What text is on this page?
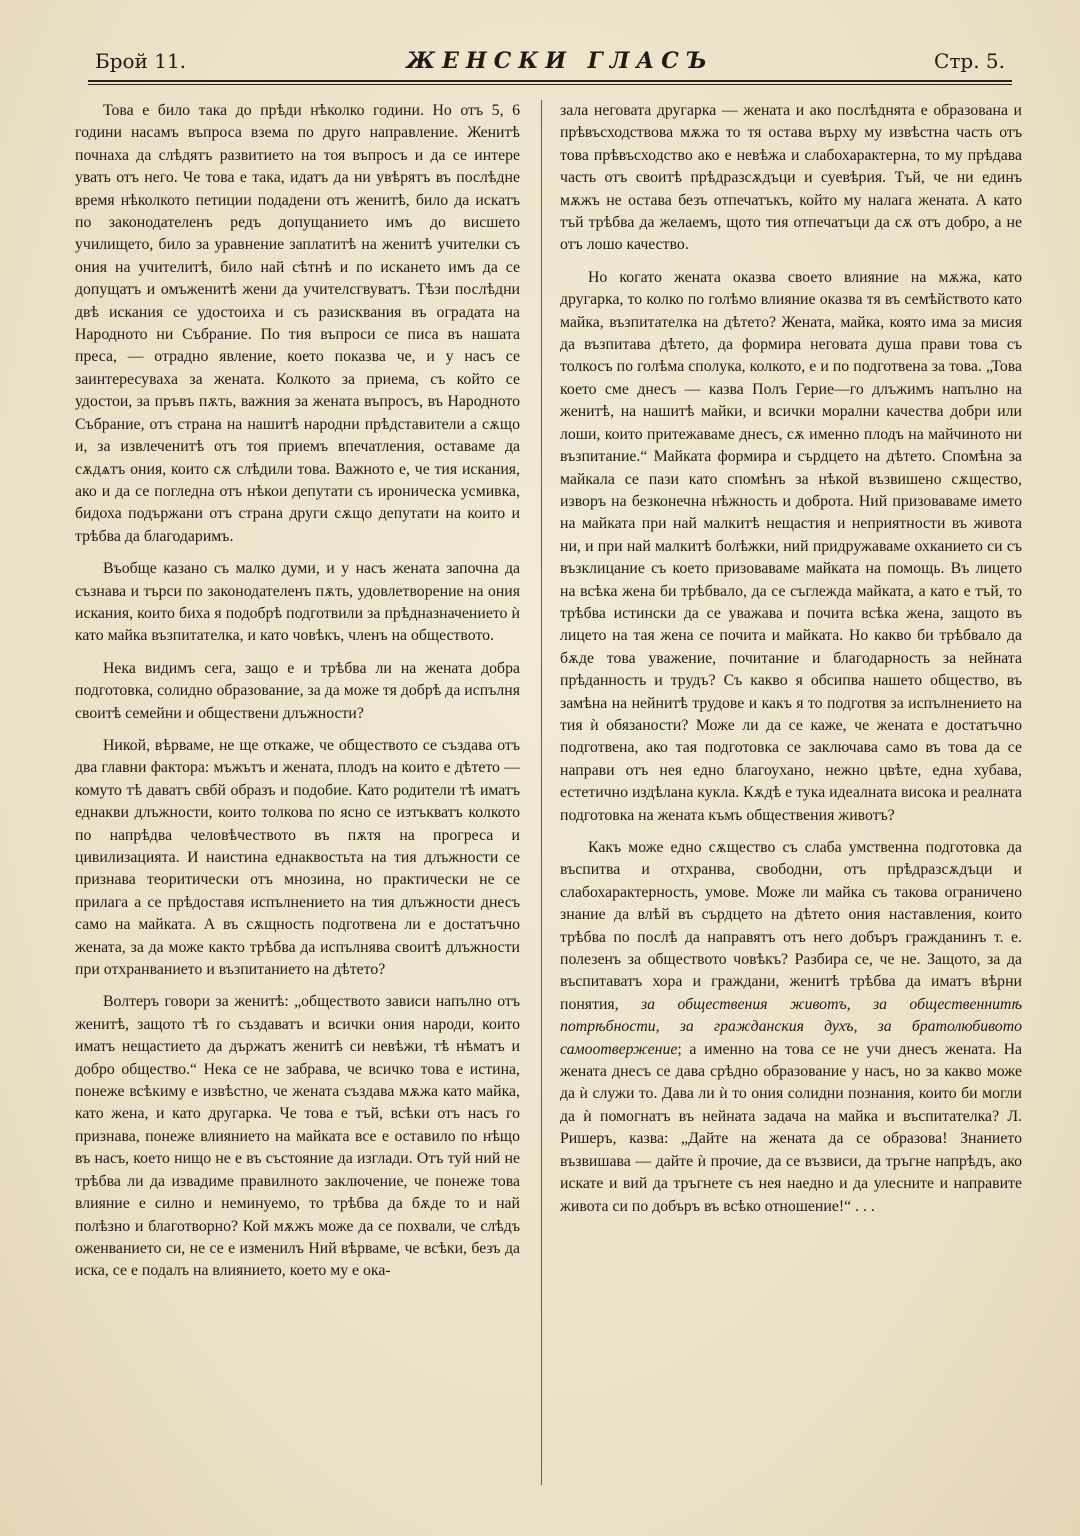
Брой 11.	ЖЕНСКИ ГЛАСЪ	Стр. 5.

Това е било така до прѣди нѣколко години. Но отъ 5, 6 години насамъ въпроса взема по друго направление. Женитѣ почнаха да слѣдятъ развитието на тоя въпросъ и да се интере увать отъ него. Че това е така, идатъ да ни увѣрятъ въ послѣдне время нѣколкото петиции подадени отъ женитѣ, било да искатъ по законодателенъ редъ допущанието имъ до висшето училището, било за уравнение заплатитѣ на женитѣ учителки съ ония на учителитѣ, било най сѣтнѣ и по искането имъ да се допущатъ и омъженитѣ жени да учителсгвуватъ. Тѣзи послѣдни двѣ искания се удостоиха и съ разисквания въ оградата на Народното ни Събрание. По тия въпроси се писа въ нашата преса, — отрадно явление, което показва че, и у насъ се заинтересуваха за жената. Колкото за приема, съ който се удостои, за пръвъ пѫть, важния за жената въпросъ, въ Народното Събрание, отъ страна на нашитѣ народни прѣдставители а сѫщо и, за извлеченитѣ отъ тоя приемъ впечатления, оставаме да сѫдѧтъ ония, които сѫ слѣдили това. Важното е, че тия искания, ако и да се погледна отъ нѣкои депутати съ ироническа усмивка, бидоха подържани отъ страна други сѫщо депутати на които и трѣбва да благодаримъ.

Въобще казано съ малко думи, и у насъ жената започна да съзнава и търси по законодателенъ пѫть, удовлетворение на ония искания, които биха я подобрѣ подготвили за прѣдназначението ѝ като майка възпитателка, и като човѣкъ, членъ на обществото.

Нека видимъ сега, защо е и трѣбва ли на жената добра подготовка, солидно образование, за да може тя добрѣ да испълня своитѣ семейни и обществени длъжности?

Никой, вѣрваме, не ще откаже, че обществото се създава отъ два главни фактора: мъжътъ и жената, плодъ на които е дѣтето — комуто тѣ даватъ свбй образъ и подобие. Като родители тѣ иматъ еднакви длъжности, които толкова по ясно се изтъкватъ колкото по напрѣдва человѣчеството въ пѫтя на прогреса и цивилизацията. И наистина еднаквостьта на тия длъжности се признава теоритически отъ мнозина, но практически не се прилага а се прѣдоставя испълнението на тия длъжности днесъ само на майката. А въ сѫщность подготвена ли е достатъчно жената, за да може както трѣбва да испълнява своитѣ длъжности при отхранванието и възпитанието на дѣтето?

Волтеръ говори за женитѣ: „обществото зависи напълно отъ женитѣ, защото тѣ го създаватъ и всички ония народи, които иматъ нещастието да държатъ женитѣ си невѣжи, тѣ нѣматъ и добро общество.“ Нека се не забрава, че всичко това е истина, понеже всѣкиму е извѣстно, че жената създава мѫжа като майка, като жена, и като другарка. Че това е тъй, всѣки отъ насъ го признава, понеже влиянието на майката все е оставило по нѣщо въ насъ, което нищо не е въ състояние да изглади. Отъ туй ний не трѣбва ли да извадиме правилното заключение, че понеже това влияние е силно и неминуемо, то трѣбва да бѫде то и най полѣзно и благотворно? Кой мѫжъ може да се похвали, че слѣдъ оженванието си, не се е изменилъ Ний вѣрваме, че всѣки, безъ да иска, се е подалъ на влиянието, което му е ока-

зала неговата другарка — жената и ако послѣднята е образована и прѣвъсходствова мѫжа то тя остава върху му извѣстна часть отъ това прѣвъсходство ако е невѣжа и слабохарактерна, то му прѣдава часть отъ своитѣ прѣдразсѫдъци и суевѣрия. Тъй, че ни единъ мѫжъ не остава безъ отпечатъкъ, който му налага жената. А като тъй трѣбва да желаемъ, щото тия отпечатъци да сѫ отъ добро, а не отъ лошо качество.

Но когато жената оказва своето влияние на мѫжа, като другарка, то колко по голѣмо влияние оказва тя въ семѣйството като майка, възпитателка на дѣтето? Жената, майка, която има за мисия да възпитава дѣтето, да формира неговата душа прави това съ толкосъ по голѣма сполука, колкото, е и по подготвена за това. „Това което сме днесъ — казва Полъ Герие—го длъжимъ напълно на женитѣ, на нашитѣ майки, и всички морални качества добри или лоши, които притежаваме днесъ, сѫ именно плодъ на майчиното ни възпитание.“ Майката формира и сърдцето на дѣтето. Спомѣна за майкала се пази като спомѣнъ за нѣкой възвишено сѫщество, изворъ на безконечна нѣжность и доброта. Ний призоваваме името на майката при най малкитѣ нещастия и неприятности въ живота ни, и при най малкитѣ болѣжки, ний придружаваме охканието си съ възклицание съ което призоваваме майката на помощь. Въ лицето на всѣка жена би трѣбвало, да се съглежда майката, а като е тъй, то трѣбва истински да се уважава и почита всѣка жена, защото въ лицето на тая жена се почита и майката. Но какво би трѣбвало да бѫде това уважение, почитание и благодарность за нейната прѣданность и трудъ? Съ какво я обсипва нашето общество, въ замѣна на нейнитѣ трудове и какъ я то подготвя за испълнението на тия ѝ обязаности? Може ли да се каже, че жената е достатъчно подготвена, ако тая подготовка се заключава само въ това да се направи отъ нея едно благоухано, нежно цвѣте, една хубава, естетично издѣлана кукла. Кѫдѣ е тука идеалната висока и реалната подготовка на жената къмъ обществения животъ?

Какъ може едно сѫщество съ слаба умственна подготовка да въспитва и отхранва, свободни, отъ прѣдразсѫдъци и слабохарактерность, умове. Може ли майка съ такова ограничено знание да влѣй въ сърдцето на дѣтето ония наставления, които трѣбва по послѣ да направятъ отъ него добъръ гражданинъ т. е. полезенъ за обществото човѣкъ? Разбира се, че не. Защото, за да въспитаватъ хора и граждани, женитѣ трѣбва да иматъ вѣрни понятия, за обществения животъ, за общественнитѣ потрѣбности, за гражданския духъ, за братолюбивото самоотвержение; а именно на това се не учи днесъ жената. На жената днесъ се дава срѣдно образование у насъ, но за какво може да ѝ служи то. Дава ли ѝ то ония солидни познания, които би могли да ѝ помогнатъ въ нейната задача на майка и въспитателка? Л. Ришеръ, казва: „Дайте на жената да се образова! Знанието възвишава — дайте ѝ прочие, да се възвиси, да тръгне напрѣдъ, ако искате и вий да тръгнете съ нея наедно и да улесните и направите живота си по добъръ въ всѣко отношение!“ . . .
